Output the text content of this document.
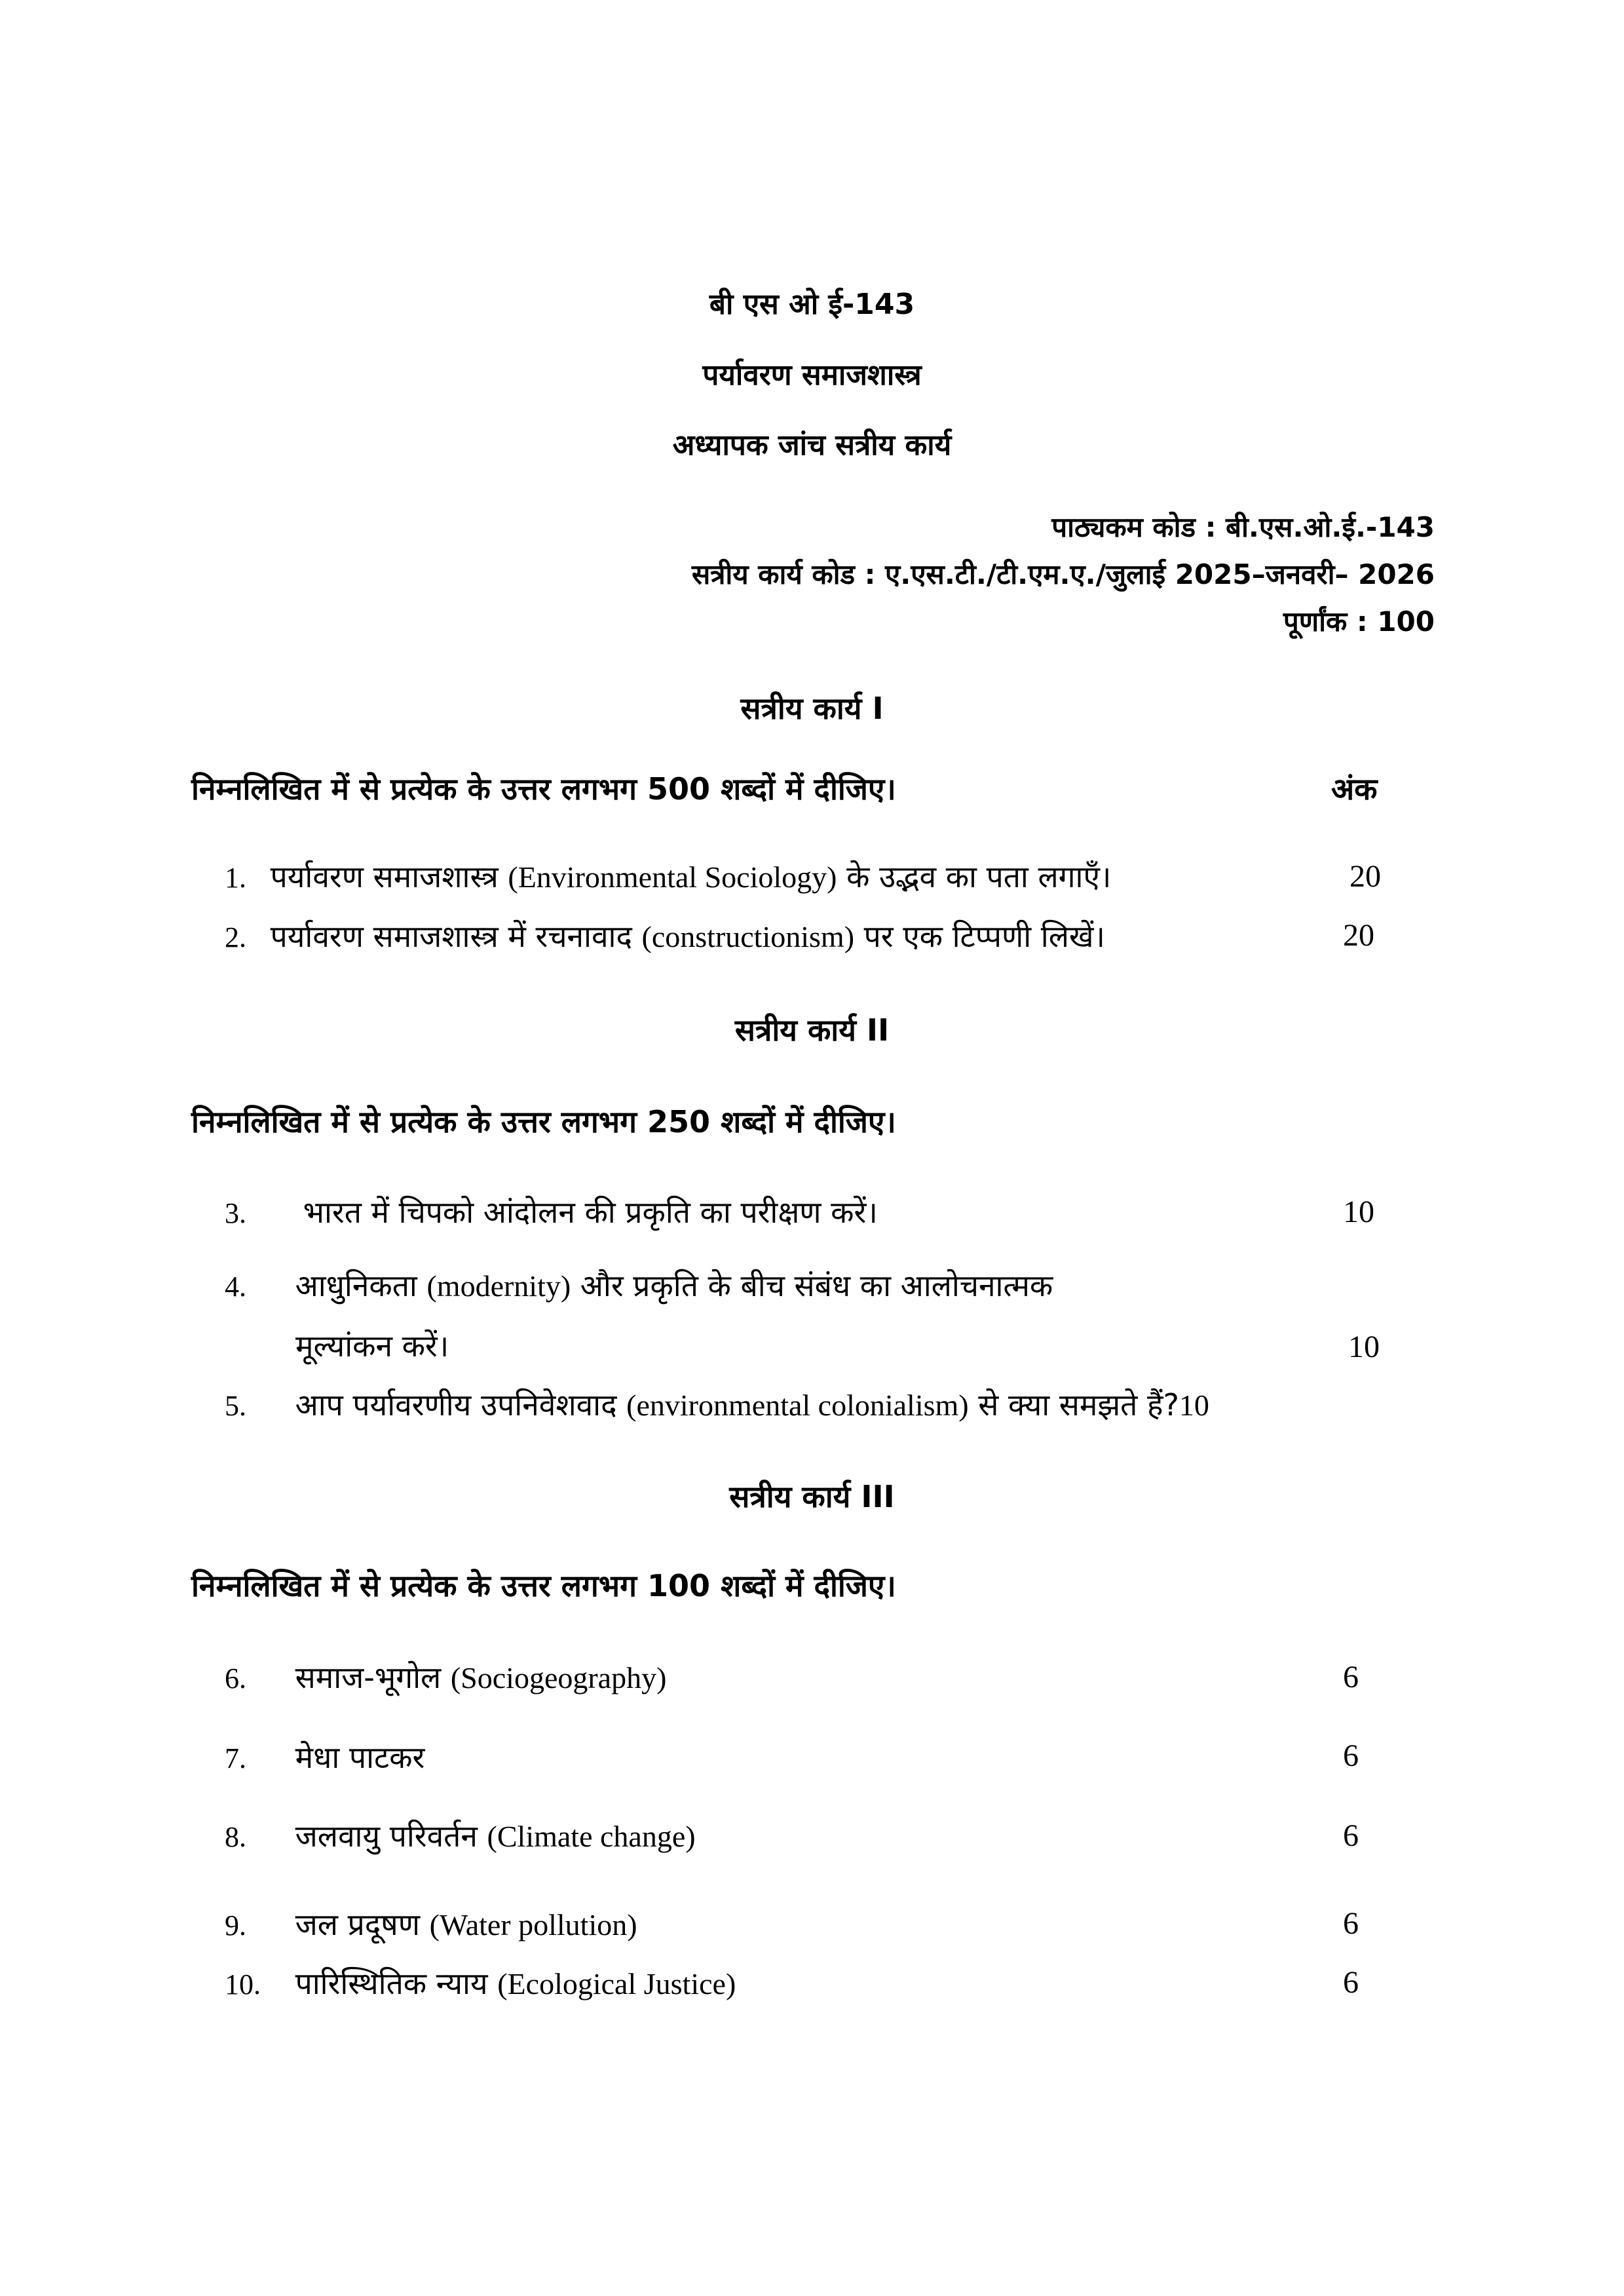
बी एस ओ ई-143
पर्यावरण समाजशास्त्र
अध्यापक जांच सत्रीय कार्य
पाठ्यकम कोड : बी.एस.ओ.ई.-143
सत्रीय कार्य कोड : ए.एस.टी./टी.एम.ए./जुलाई 2025–जनवरी– 2026
पूर्णांक : 100
सत्रीय कार्य I
निम्नलिखित में से प्रत्येक के उत्तर लगभग 500 शब्दों में दीजिए।	अंक
1. पर्यावरण समाजशास्त्र (Environmental Sociology) के उद्भव का पता लगाएँ।	20
2. पर्यावरण समाजशास्त्र में रचनावाद (constructionism) पर एक टिप्पणी लिखें।	20
सत्रीय कार्य II
निम्नलिखित में से प्रत्येक के उत्तर लगभग 250 शब्दों में दीजिए।
3. भारत में चिपको आंदोलन की प्रकृति का परीक्षण करें।	10
4. आधुनिकता (modernity) और प्रकृति के बीच संबंध का आलोचनात्मक
मूल्यांकन करें।	10
5. आप पर्यावरणीय उपनिवेशवाद (environmental colonialism) से क्या समझते हैं?10
सत्रीय कार्य III
निम्नलिखित में से प्रत्येक के उत्तर लगभग 100 शब्दों में दीजिए।
6. समाज-भूगोल (Sociogeography)	6
7. मेधा पाटकर	6
8. जलवायु परिवर्तन (Climate change)	6
9. जल प्रदूषण (Water pollution)	6
10. पारिस्थितिक न्याय (Ecological Justice)	6
